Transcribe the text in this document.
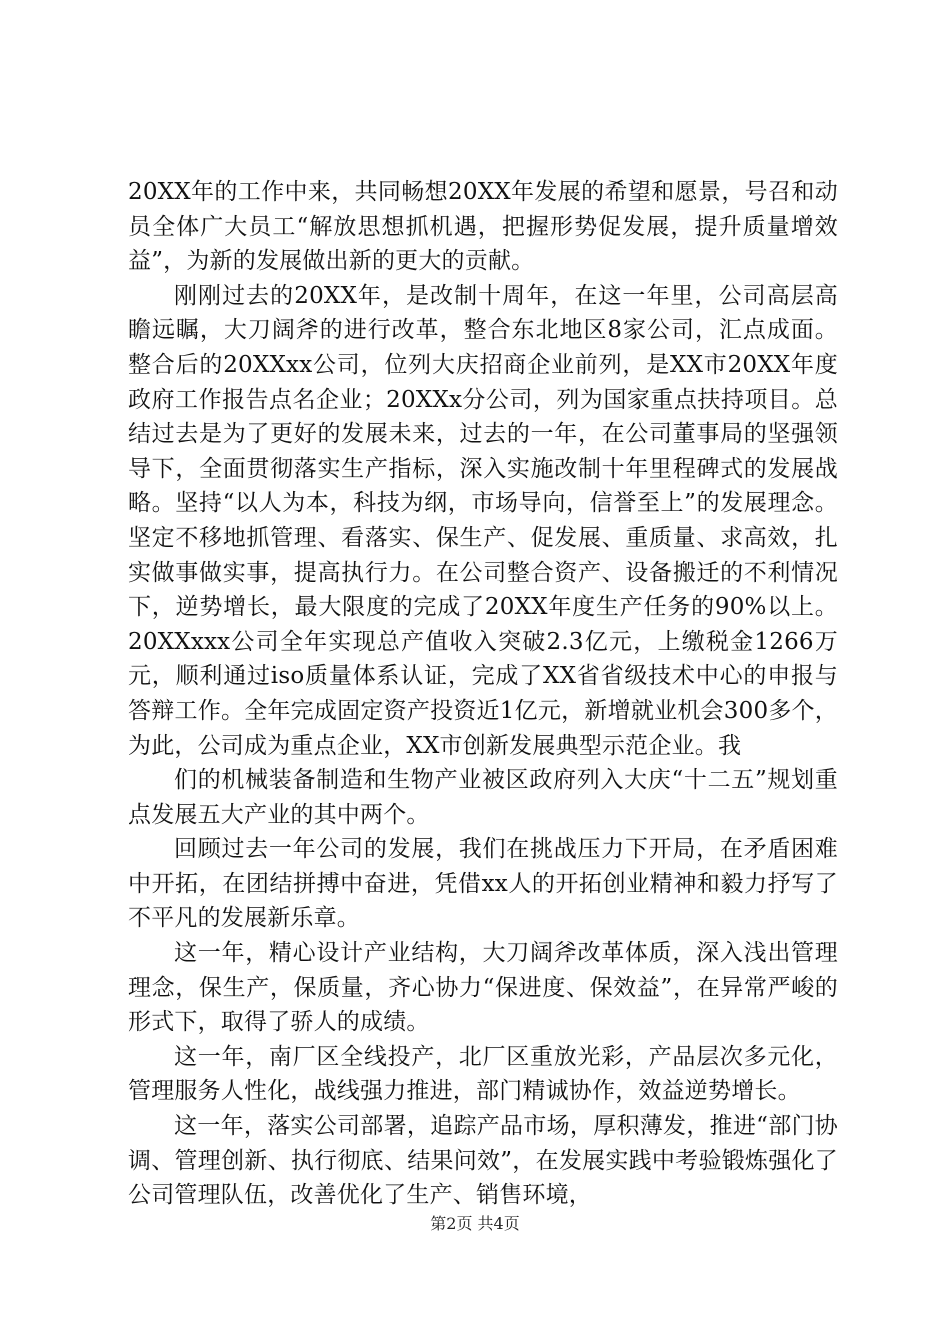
20XX年的工作中来，共同畅想20XX年发展的希望和愿景，号召和动员全体广大员工“解放思想抓机遇，把握形势促发展，提升质量增效益”，为新的发展做出新的更大的贡献。

刚刚过去的20XX年，是改制十周年，在这一年里，公司高层高瞻远瞩，大刀阔斧的进行改革，整合东北地区8家公司，汇点成面。整合后的20XXxx公司，位列大庆招商企业前列，是XX市20XX年度政府工作报告点名企业；20XXx分公司，列为国家重点扶持项目。总结过去是为了更好的发展未来，过去的一年，在公司董事局的坚强领导下，全面贯彻落实生产指标，深入实施改制十年里程碑式的发展战略。坚持“以人为本，科技为纲，市场导向，信誉至上”的发展理念。坚定不移地抓管理、看落实、保生产、促发展、重质量、求高效，扎实做事做实事，提高执行力。在公司整合资产、设备搬迁的不利情况下，逆势增长，最大限度的完成了20XX年度生产任务的90%以上。20XXxxx公司全年实现总产值收入突破2.3亿元，上缴税金1266万元，顺利通过iso质量体系认证，完成了XX省省级技术中心的申报与答辩工作。全年完成固定资产投资近1亿元，新增就业机会300多个，为此，公司成为重点企业，XX市创新发展典型示范企业。我

们的机械装备制造和生物产业被区政府列入大庆“十二五”规划重点发展五大产业的其中两个。

回顾过去一年公司的发展，我们在挑战压力下开局，在矛盾困难中开拓，在团结拼搏中奋进，凭借xx人的开拓创业精神和毅力抒写了不平凡的发展新乐章。

这一年，精心设计产业结构，大刀阔斧改革体质，深入浅出管理理念，保生产，保质量，齐心协力“保进度、保效益”，在异常严峻的形式下，取得了骄人的成绩。

这一年，南厂区全线投产，北厂区重放光彩，产品层次多元化，管理服务人性化，战线强力推进，部门精诚协作，效益逆势增长。

这一年，落实公司部署，追踪产品市场，厚积薄发，推进“部门协调、管理创新、执行彻底、结果问效”，在发展实践中考验锻炼强化了公司管理队伍，改善优化了生产、销售环境，

第2页 共4页
